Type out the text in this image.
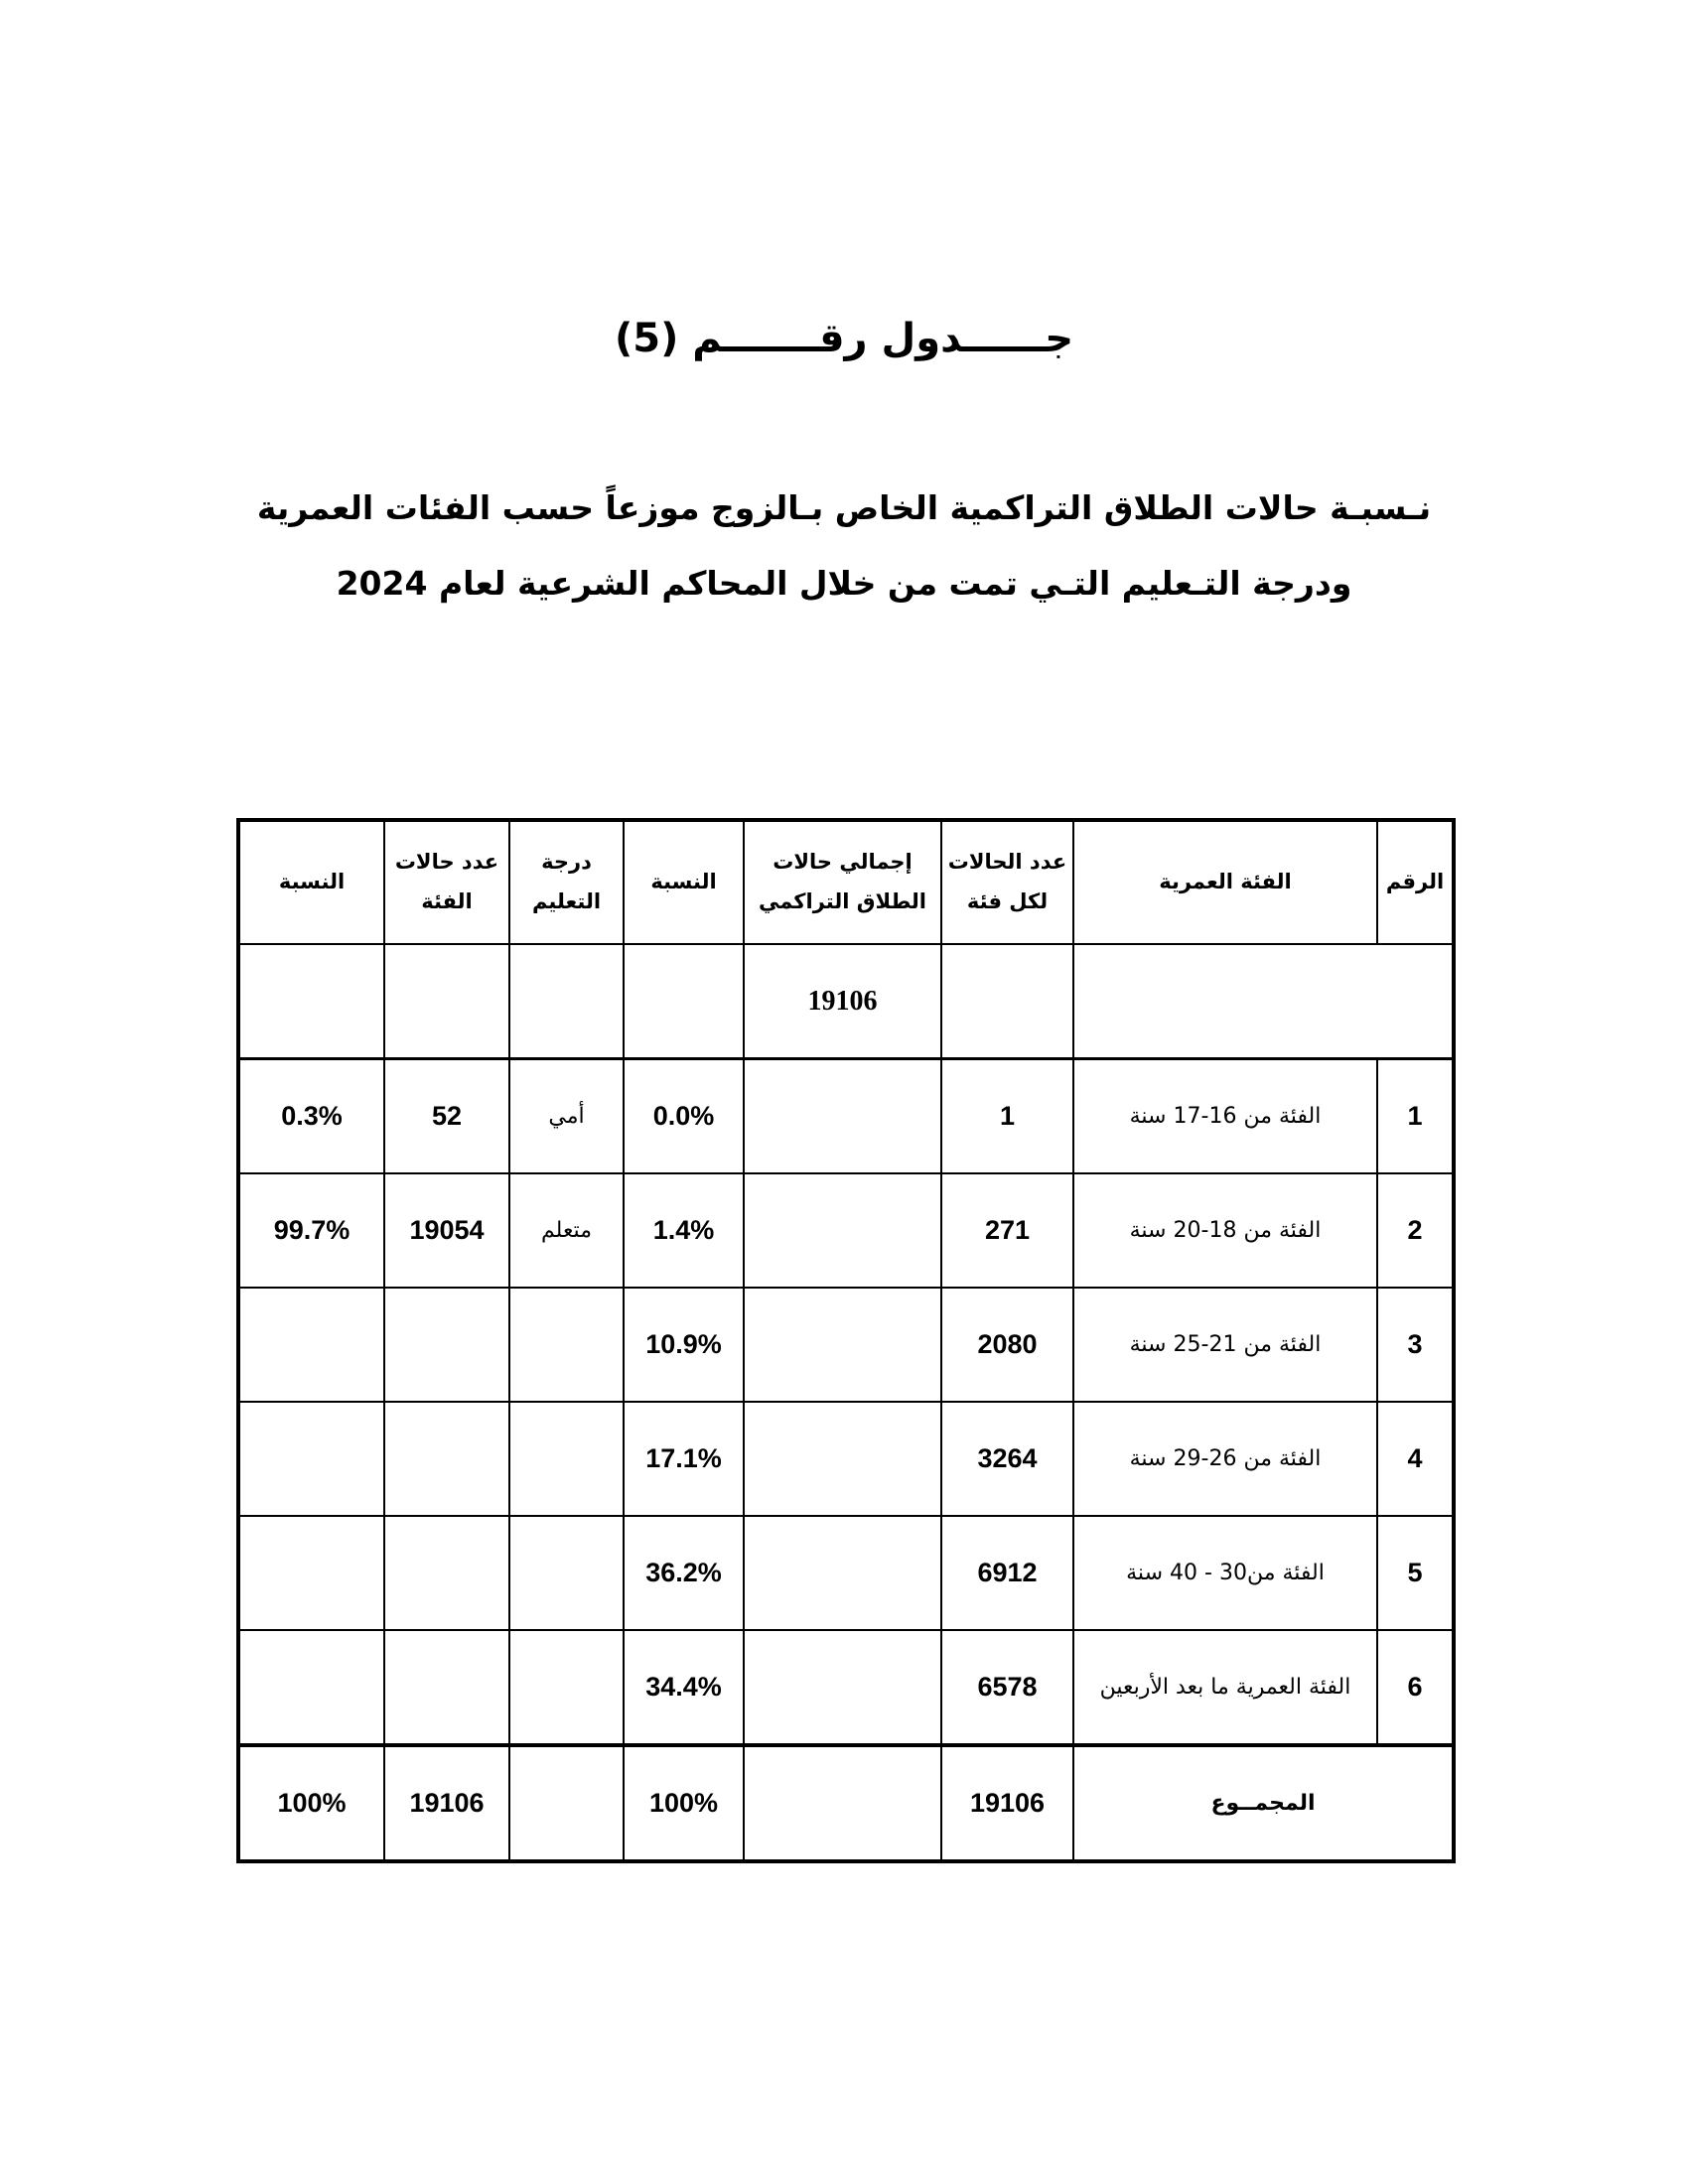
جــــــدول رقـــــــم (5)

نـسبـة حالات الطلاق التراكمية الخاص بـالزوج موزعاً حسب الفئات العمرية

ودرجة التـعليم التـي تمت من خلال المحاكم الشرعية لعام 2024

الرقم	الفئة العمرية	عدد الحالات لكل فئة	إجمالي حالات الطلاق التراكمي	النسبة	درجة التعليم	عدد حالات الفئة	النسبة
			19106				
1	الفئة من 16-17 سنة	1		0.0%	أمي	52	0.3%
2	الفئة من 18-20 سنة	271		1.4%	متعلم	19054	99.7%
3	الفئة من 21-25 سنة	2080		10.9%			
4	الفئة من 26-29 سنة	3264		17.1%			
5	الفئة من30 - 40 سنة	6912		36.2%			
6	الفئة العمرية ما بعد الأربعين	6578		34.4%			
المجمــوع		19106		100%		19106	100%
